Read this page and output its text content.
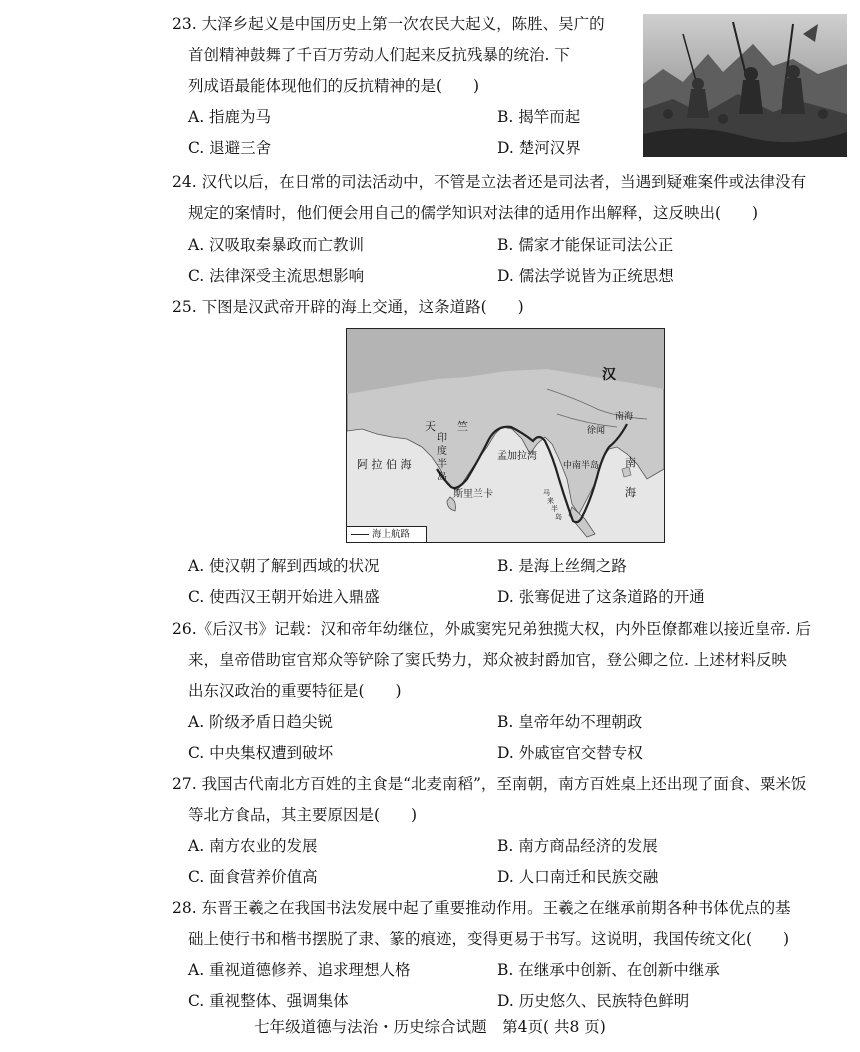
23. 大泽乡起义是中国历史上第一次农民大起义，陈胜、吴广的
首创精神鼓舞了千百万劳动人们起来反抗残暴的统治. 下
列成语最能体现他们的反抗精神的是(　　)
A. 指鹿为马	B. 揭竿而起
C. 退避三舍	D. 楚河汉界
24. 汉代以后，在日常的司法活动中，不管是立法者还是司法者，当遇到疑难案件或法律没有
规定的案情时，他们便会用自己的儒学知识对法律的适用作出解释，这反映出(　　)
A. 汉吸取秦暴政而亡教训	B. 儒家才能保证司法公正
C. 法律深受主流思想影响	D. 儒法学说皆为正统思想
25. 下图是汉武帝开辟的海上交通，这条道路(　　)
汉
天 竺
印
度
半
岛
阿 拉 伯 海
孟加拉湾
中南半岛
斯里兰卡	马
来
半
岛
徐闻
南海
南
海
海上航路
A. 使汉朝了解到西域的状况	B. 是海上丝绸之路
C. 使西汉王朝开始进入鼎盛	D. 张骞促进了这条道路的开通
26.《后汉书》记载：汉和帝年幼继位，外戚窦宪兄弟独揽大权，内外臣僚都难以接近皇帝. 后
来，皇帝借助宦官郑众等铲除了窦氏势力，郑众被封爵加官，登公卿之位. 上述材料反映
出东汉政治的重要特征是(　　)
A. 阶级矛盾日趋尖锐	B. 皇帝年幼不理朝政
C. 中央集权遭到破坏	D. 外戚宦官交替专权
27. 我国古代南北方百姓的主食是“北麦南稻”，至南朝，南方百姓桌上还出现了面食、粟米饭
等北方食品，其主要原因是(　　)
A. 南方农业的发展	B. 南方商品经济的发展
C. 面食营养价值高	D. 人口南迁和民族交融
28. 东晋王羲之在我国书法发展中起了重要推动作用。王羲之在继承前期各种书体优点的基
础上使行书和楷书摆脱了隶、篆的痕迹，变得更易于书写。这说明，我国传统文化(　　)
A. 重视道德修养、追求理想人格	B. 在继承中创新、在创新中继承
C. 重视整体、强调集体	D. 历史悠久、民族特色鲜明
七年级道德与法治・历史综合试题　第4页( 共8 页)
